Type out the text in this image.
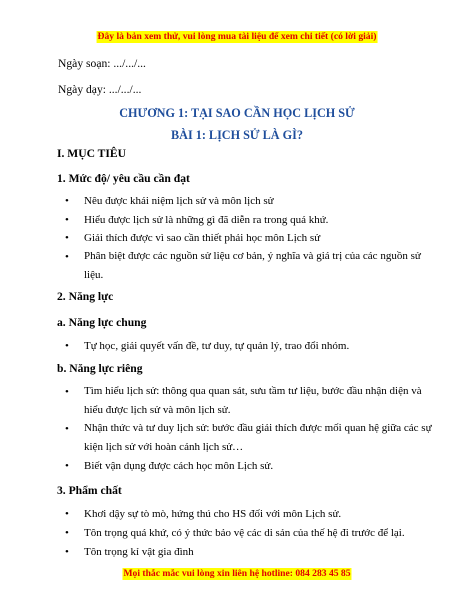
Đây là bản xem thử, vui lòng mua tài liệu để xem chi tiết (có lời giải)
Ngày soạn: .../.../...
Ngày dạy: .../.../...
CHƯƠNG 1: TẠI SAO CẦN HỌC LỊCH SỬ
BÀI 1: LỊCH SỬ LÀ GÌ?
I. MỤC TIÊU
1. Mức độ/ yêu cầu cần đạt
• Nêu được khái niệm lịch sử và môn lịch sử
• Hiểu được lịch sử là những gì đã diễn ra trong quá khứ.
• Giải thích được vì sao cần thiết phải học môn Lịch sử
• Phân biệt được các nguồn sử liệu cơ bản, ý nghĩa và giá trị của các nguồn sử liệu.
2. Năng lực
a. Năng lực chung
• Tự học, giải quyết vấn đề, tư duy, tự quản lý, trao đổi nhóm.
b. Năng lực riêng
• Tìm hiểu lịch sử: thông qua quan sát, sưu tầm tư liệu, bước đầu nhận diện và hiểu được lịch sử và môn lịch sử.
• Nhận thức và tư duy lịch sử: bước đầu giải thích được mối quan hệ giữa các sự kiện lịch sử với hoàn cảnh lịch sử…
• Biết vận dụng được cách học môn Lịch sử.
3. Phẩm chất
• Khơi dậy sự tò mò, hứng thú cho HS đối với môn Lịch sử.
• Tôn trọng quá khứ, có ý thức bảo vệ các di sản của thế hệ đi trước để lại.
• Tôn trọng kỉ vật gia đình
Mọi thắc mắc vui lòng xin liên hệ hotline: 084 283 45 85
